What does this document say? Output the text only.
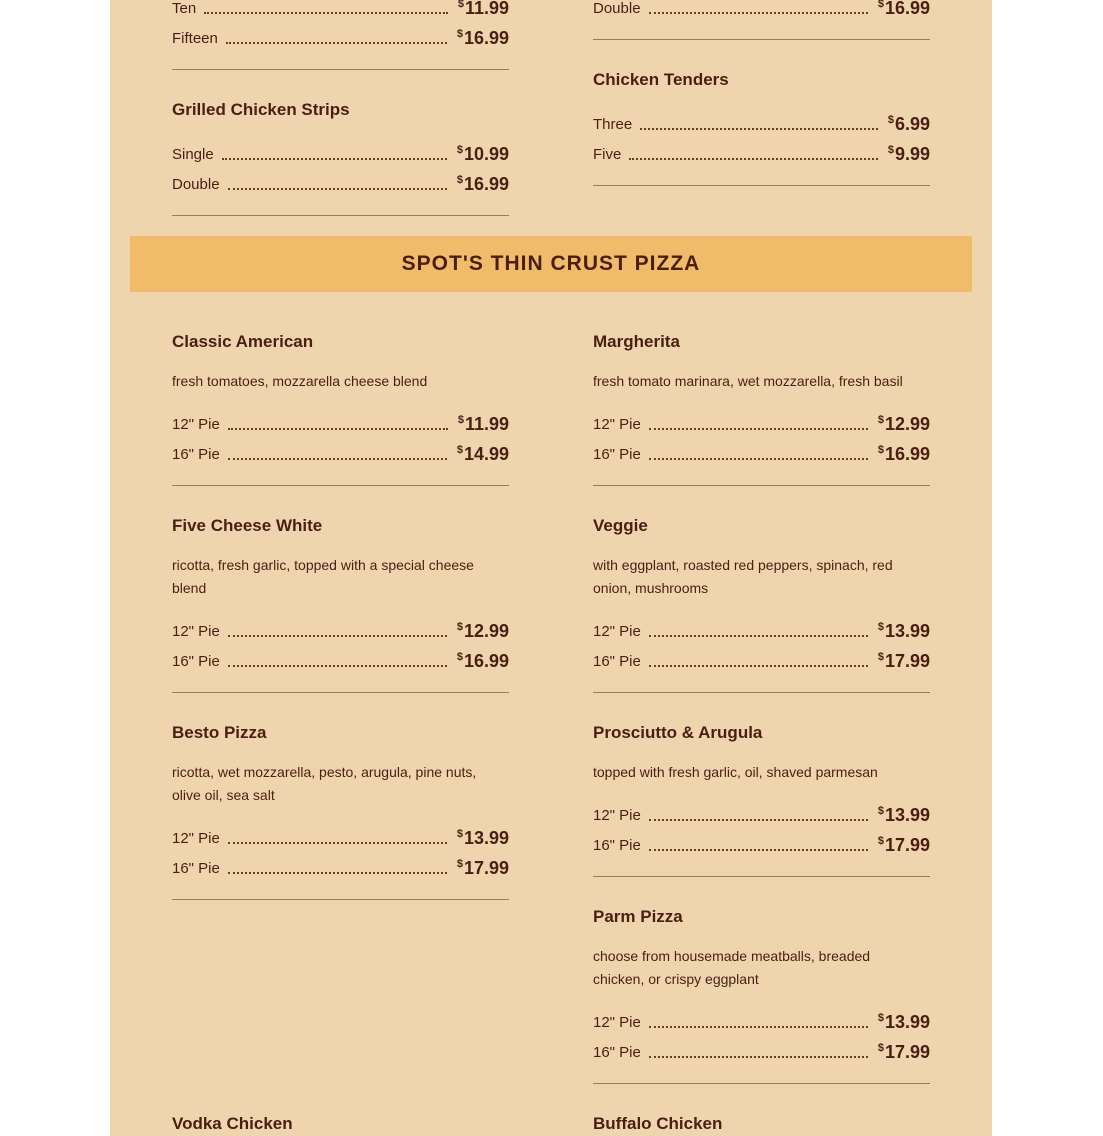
Ten	$11.99
Fifteen	$16.99
Grilled Chicken Strips
Single	$10.99
Double	$16.99
Double	$16.99
Chicken Tenders
Three	$6.99
Five	$9.99
SPOT'S THIN CRUST PIZZA
Classic American
fresh tomatoes, mozzarella cheese blend
12" Pie	$11.99
16" Pie	$14.99
Five Cheese White
ricotta, fresh garlic, topped with a special cheese blend
12" Pie	$12.99
16" Pie	$16.99
Besto Pizza
ricotta, wet mozzarella, pesto, arugula, pine nuts, olive oil, sea salt
12" Pie	$13.99
16" Pie	$17.99
Vodka Chicken
Margherita
fresh tomato marinara, wet mozzarella, fresh basil
12" Pie	$12.99
16" Pie	$16.99
Veggie
with eggplant, roasted red peppers, spinach, red onion, mushrooms
12" Pie	$13.99
16" Pie	$17.99
Prosciutto & Arugula
topped with fresh garlic, oil, shaved parmesan
12" Pie	$13.99
16" Pie	$17.99
Parm Pizza
choose from housemade meatballs, breaded chicken, or crispy eggplant
12" Pie	$13.99
16" Pie	$17.99
Buffalo Chicken
